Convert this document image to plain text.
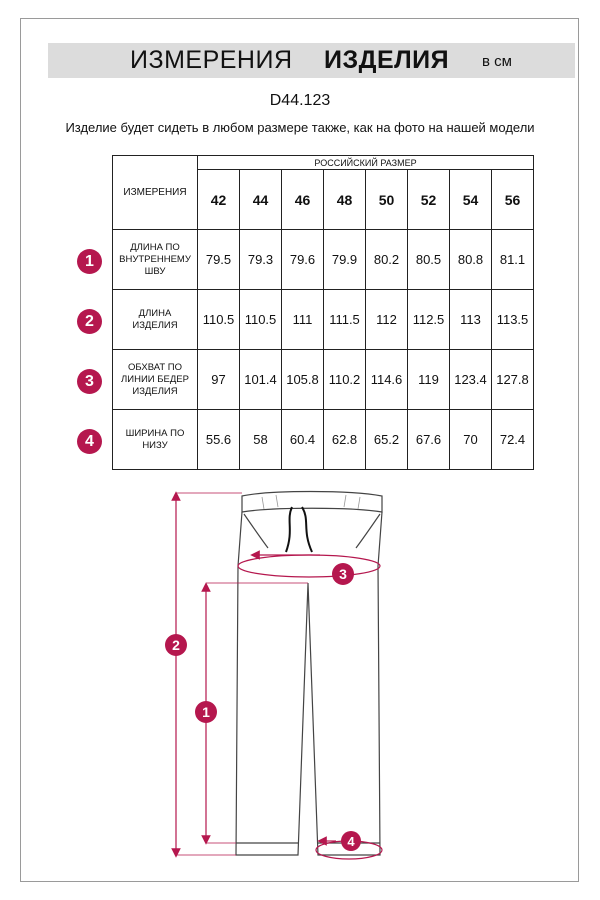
ИЗМЕРЕНИЯ ИЗДЕЛИЯ в см
D44.123
Изделие будет сидеть в любом размере также, как на фото на нашей модели
ИЗМЕРЕНИЯ	РОССИЙСКИЙ РАЗМЕР							
	42	44	46	48	50	52	54	56

ДЛИНА ПО
ВНУТРЕННЕМУ
ШВУ	79.5	79.3	79.6	79.9	80.2	80.5	80.8	81.1

ДЛИНА
ИЗДЕЛИЯ	110.5	110.5	111	111.5	112	112.5	113	113.5

ОБХВАТ ПО
ЛИНИИ БЕДЕР
ИЗДЕЛИЯ	97	101.4	105.8	110.2	114.6	119	123.4	127.8

ШИРИНА ПО
НИЗУ	55.6	58	60.4	62.8	65.2	67.6	70	72.4
1
2
3
4
2
1
3
4
